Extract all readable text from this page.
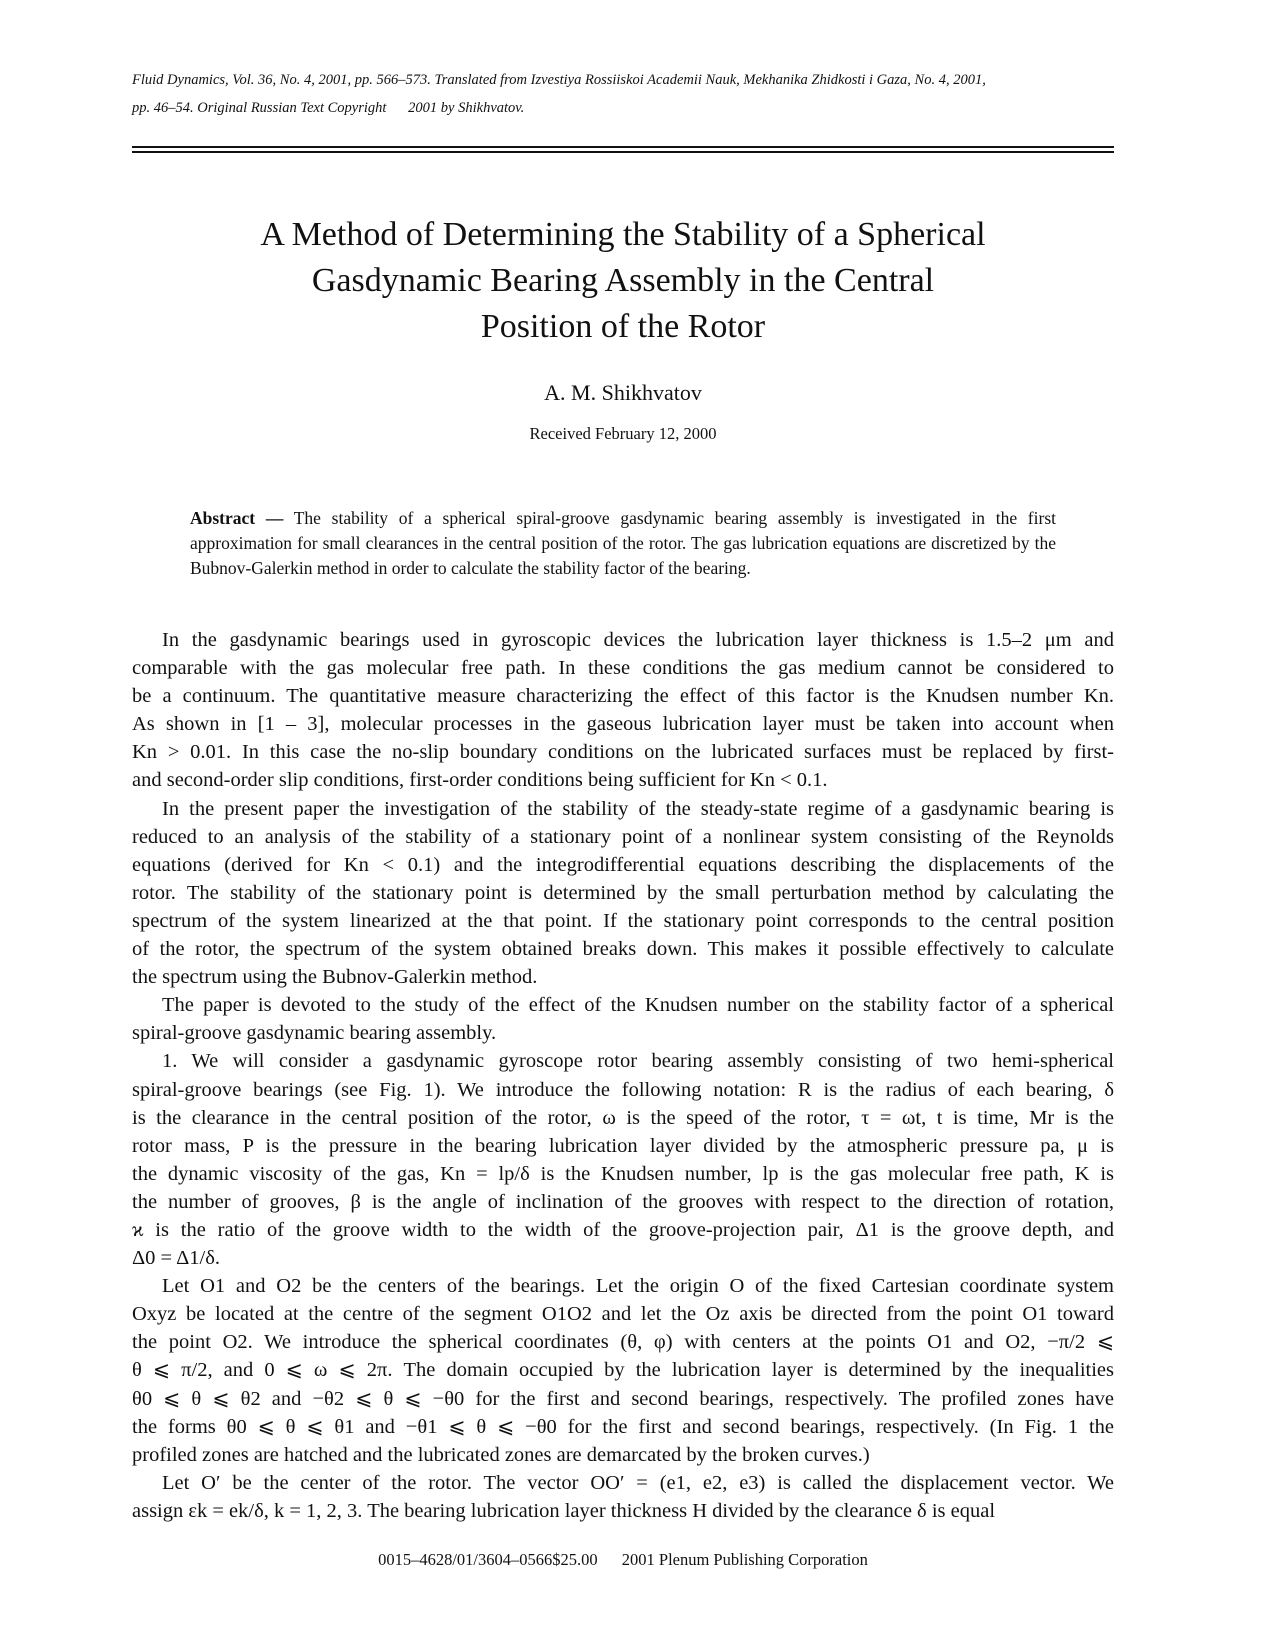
Fluid Dynamics, Vol. 36, No. 4, 2001, pp. 566–573. Translated from Izvestiya Rossiiskoi Academii Nauk, Mekhanika Zhidkosti i Gaza, No. 4, 2001,
pp. 46–54. Original Russian Text Copyright      2001 by Shikhvatov.
A Method of Determining the Stability of a Spherical
Gasdynamic Bearing Assembly in the Central
Position of the Rotor
A. M. Shikhvatov
Received February 12, 2000
Abstract — The stability of a spherical spiral-groove gasdynamic bearing assembly is investigated in the first approximation for small clearances in the central position of the rotor. The gas lubrication equations are discretized by the Bubnov-Galerkin method in order to calculate the stability factor of the bearing.

In the gasdynamic bearings used in gyroscopic devices the lubrication layer thickness is 1.5–2 μm and
comparable with the gas molecular free path. In these conditions the gas medium cannot be considered to
be a continuum. The quantitative measure characterizing the effect of this factor is the Knudsen number Kn.
As shown in [1 – 3], molecular processes in the gaseous lubrication layer must be taken into account when
Kn > 0.01. In this case the no-slip boundary conditions on the lubricated surfaces must be replaced by first-
and second-order slip conditions, first-order conditions being sufficient for Kn < 0.1.

In the present paper the investigation of the stability of the steady-state regime of a gasdynamic bearing is
reduced to an analysis of the stability of a stationary point of a nonlinear system consisting of the Reynolds
equations (derived for Kn < 0.1) and the integrodifferential equations describing the displacements of the
rotor. The stability of the stationary point is determined by the small perturbation method by calculating the
spectrum of the system linearized at the that point. If the stationary point corresponds to the central position
of the rotor, the spectrum of the system obtained breaks down. This makes it possible effectively to calculate
the spectrum using the Bubnov-Galerkin method.

The paper is devoted to the study of the effect of the Knudsen number on the stability factor of a spherical
spiral-groove gasdynamic bearing assembly.

1. We will consider a gasdynamic gyroscope rotor bearing assembly consisting of two hemi-spherical
spiral-groove bearings (see Fig. 1). We introduce the following notation: R is the radius of each bearing, δ
is the clearance in the central position of the rotor, ω is the speed of the rotor, τ = ωt, t is time, Mr is the
rotor mass, P is the pressure in the bearing lubrication layer divided by the atmospheric pressure pa, μ is
the dynamic viscosity of the gas, Kn = lp/δ is the Knudsen number, lp is the gas molecular free path, K is
the number of grooves, β is the angle of inclination of the grooves with respect to the direction of rotation,
ϰ is the ratio of the groove width to the width of the groove-projection pair, Δ1 is the groove depth, and
Δ0 = Δ1/δ.

Let O1 and O2 be the centers of the bearings. Let the origin O of the fixed Cartesian coordinate system
Oxyz be located at the centre of the segment O1O2 and let the Oz axis be directed from the point O1 toward
the point O2. We introduce the spherical coordinates (θ, φ) with centers at the points O1 and O2, −π/2 ⩽
θ ⩽ π/2, and 0 ⩽ ω ⩽ 2π. The domain occupied by the lubrication layer is determined by the inequalities
θ0 ⩽ θ ⩽ θ2 and −θ2 ⩽ θ ⩽ −θ0 for the first and second bearings, respectively. The profiled zones have
the forms θ0 ⩽ θ ⩽ θ1 and −θ1 ⩽ θ ⩽ −θ0 for the first and second bearings, respectively. (In Fig. 1 the
profiled zones are hatched and the lubricated zones are demarcated by the broken curves.)

Let O′ be the center of the rotor. The vector OO′ = (e1, e2, e3) is called the displacement vector. We
assign εk = ek/δ, k = 1, 2, 3. The bearing lubrication layer thickness H divided by the clearance δ is equal

0015–4628/01/3604–0566$25.00 2001 Plenum Publishing Corporation
